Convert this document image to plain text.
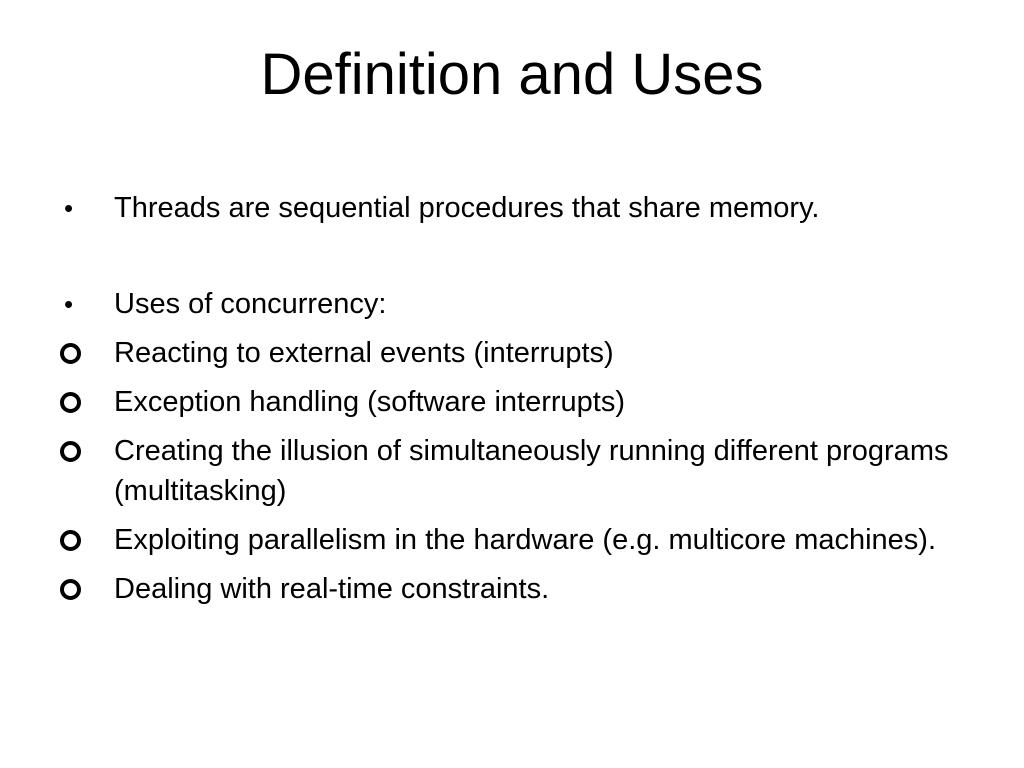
Definition and Uses
• Threads are sequential procedures that share memory.
• Uses of concurrency:
Reacting to external events (interrupts)
Exception handling (software interrupts)
Creating the illusion of simultaneously running different programs (multitasking)
Exploiting parallelism in the hardware (e.g. multicore machines).
Dealing with real-time constraints.
